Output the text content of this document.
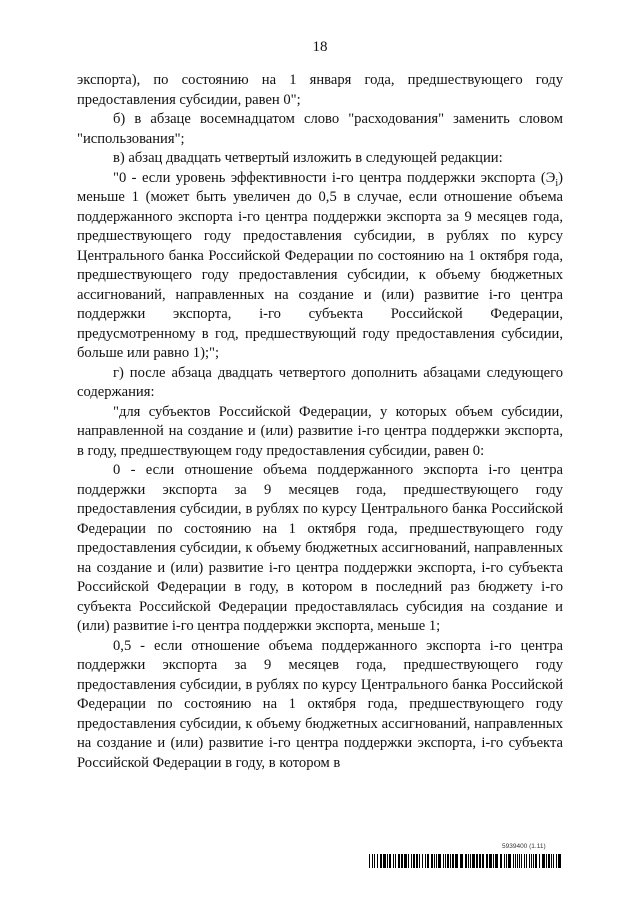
18

экспорта), по состоянию на 1 января года, предшествующего году предоставления субсидии, равен 0";

б) в абзаце восемнадцатом слово "расходования" заменить словом "использования";

в) абзац двадцать четвертый изложить в следующей редакции:

"0 - если уровень эффективности i-го центра поддержки экспорта $(Э_i)$ меньше 1 (может быть увеличен до 0,5 в случае, если отношение объема поддержанного экспорта i-го центра поддержки экспорта за 9 месяцев года, предшествующего году предоставления субсидии, в рублях по курсу Центрального банка Российской Федерации по состоянию на 1 октября года, предшествующего году предоставления субсидии, к объему бюджетных ассигнований, направленных на создание и (или) развитие i-го центра поддержки экспорта, i-го субъекта Российской Федерации, предусмотренному в год, предшествующий году предоставления субсидии, больше или равно 1);";

г) после абзаца двадцать четвертого дополнить абзацами следующего содержания:

"для субъектов Российской Федерации, у которых объем субсидии, направленной на создание и (или) развитие i-го центра поддержки экспорта, в году, предшествующем году предоставления субсидии, равен 0:

0 - если отношение объема поддержанного экспорта i-го центра поддержки экспорта за 9 месяцев года, предшествующего году предоставления субсидии, в рублях по курсу Центрального банка Российской Федерации по состоянию на 1 октября года, предшествующего году предоставления субсидии, к объему бюджетных ассигнований, направленных на создание и (или) развитие i-го центра поддержки экспорта, i-го субъекта Российской Федерации в году, в котором в последний раз бюджету i-го субъекта Российской Федерации предоставлялась субсидия на создание и (или) развитие i-го центра поддержки экспорта, меньше 1;

0,5 - если отношение объема поддержанного экспорта i-го центра поддержки экспорта за 9 месяцев года, предшествующего году предоставления субсидии, в рублях по курсу Центрального банка Российской Федерации по состоянию на 1 октября года, предшествующего году предоставления субсидии, к объему бюджетных ассигнований, направленных на создание и (или) развитие i-го центра поддержки экспорта, i-го субъекта Российской Федерации в году, в котором в

5939400 (1.11)
